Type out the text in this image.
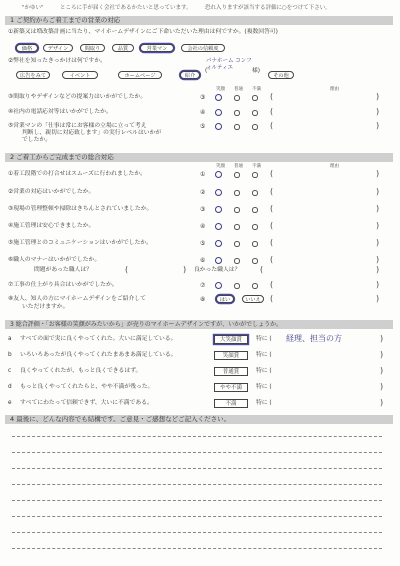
"かゆい"	ところに手が届く会社であるかたいと思っています。 恐れ入りますが該当する評価に○をつけて下さい。
1 ご契約からご着工までの営業の対応
①新築又は増改築計画に当たり、マイホームデザインにご下命いただいた理由は何ですか。(複数回答可)
価格	デザイン	間取り	品質	営業マン	会社の信頼度
②弊社を知ったきっかけは何ですか。
広告をみて	イベント	ホームページ	紹介	その他
(	様)
パナホーム コンフォルティエ
笑顔 普通 不満	理由
③間取りやデザインなどの提案力はいかがでしたか。	③	(	)
④社内の電話応対等はいかがでしたか。	④	(	)
⑤営業マンの「仕事は常にお客様の立場に立って考え
判断し、親切に対応致します」の実行レベルはいかが
でしたか。
⑤	(	)
2 ご着工からご完成までの総合対応
笑顔 普通 不満	理由
①着工段階での打合せはスムーズに行われましたか。	①	(	)
②営業の対応はいかがでしたか。	②	(	)
③現場の管理整頓や掃除はきちんとされていましたか。	③	(	)
④施工管理は安心できましたか。	④	(	)
⑤施工管理とのコミュニケーションはいかがでしたか。	⑤	(	)
⑥職人のマナーはいかがでしたか。	⑥	(	)
問題があった職人は？	(	) 良かった職人は？ (	)
⑦工事の仕上がり具合はいかがでしたか。	⑦	(	)
⑧友人、知人の方にマイホームデザインをご紹介して
いただけますか。
⑧	はい	いいえ	(	)
3 総合評価・「お客様の笑顔がみたいから」が売りのマイホームデザインですが、いかがでしょうか。
a すべての面で実に良くやってくれた。大いに満足している。	大笑顔賞	特に (	)
経理、担当の方
b いろいろあったが良くやってくれたまあまあ満足している。	笑顔賞	特に (	)
c 良くやってくれたが、もっと良くできるはず。	普通賞	特に (	)
d もっと良くやってくれたらと、やや不満が残った。	やや不満	特に (	)
e すべてにわたって信頼できず、大いに不満である。	不満	特に (	)
4 最後に、どんな内容でも結構です。ご意見・ご感想などご記入ください。
